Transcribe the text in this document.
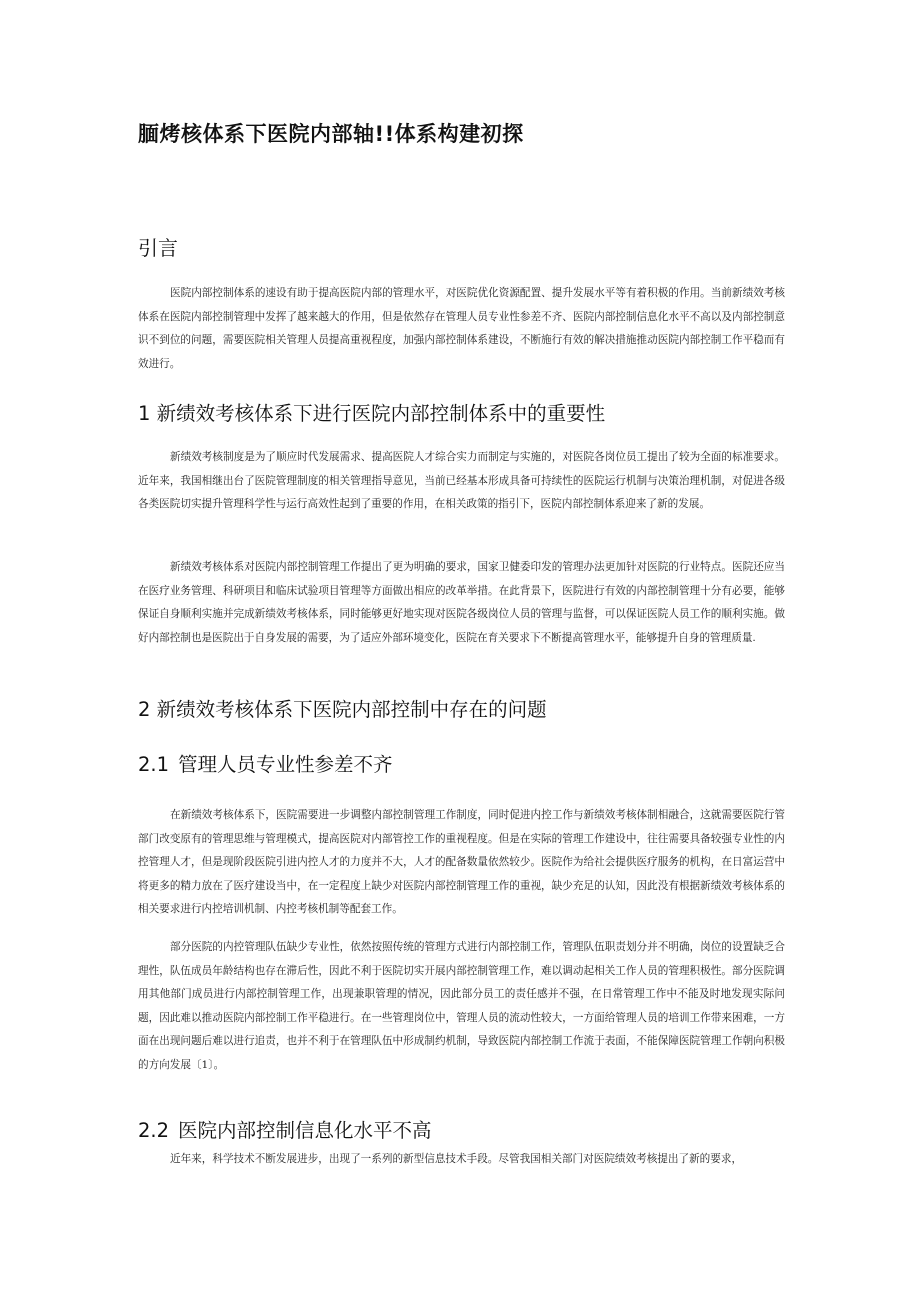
腼烤核体系下医院内部轴!!体系构建初探
引言

医院内部控制体系的速设有助于提高医院内部的管理水平，对医院优化资源配置、提升发展水平等有着积极的作用。当前新绩效考核体系在医院内部控制管理中发挥了越来越大的作用，但是依然存在管理人员专业性参差不齐、医院内部控制信息化水平不高以及内部控制意识不到位的问题，需要医院相关管理人员提高重视程度，加强内部控制体系建设，不断施行有效的解决措施推动医院内部控制工作平稳而有效进行。

1 新绩效考核体系下进行医院内部控制体系中的重要性

新绩效考核制度是为了顺应时代发展需求、提高医院人才综合实力而制定与实施的，对医院各岗位员工提出了较为全面的标准要求。近年来，我国相继出台了医院管理制度的相关管理指导意见，当前已经基本形成具备可持续性的医院运行机制与决策治理机制，对促进各级各类医院切实提升管理科学性与运行高效性起到了重要的作用，在相关政策的指引下，医院内部控制体系迎来了新的发展。

新绩效考核体系对医院内部控制管理工作提出了更为明确的要求，国家卫健委印发的管理办法更加针对医院的行业特点。医院还应当在医疗业务管理、科研项目和临床试验项目管理等方面做出相应的改革举措。在此背景下，医院进行有效的内部控制管理十分有必要，能够保证自身顺利实施并完成新绩效考核体系，同时能够更好地实现对医院各级岗位人员的管理与监督，可以保证医院人员工作的顺利实施。做好内部控制也是医院出于自身发展的需要，为了适应外部环境变化，医院在育关要求下不断提高管理水平，能够提升自身的管理质量.

2 新绩效考核体系下医院内部控制中存在的问题
2.1 管理人员专业性参差不齐

在新绩效考核体系下，医院需要进一步调整内部控制管理工作制度，同时促进内控工作与新绩效考核体制相融合，这就需要医院行管部门改变原有的管理思维与管理模式，提高医院对内部管控工作的重视程度。但是在实际的管理工作建设中，往往需要具备较强专业性的内控管理人才，但是现阶段医院引进内控人才的力度并不大，人才的配备数量依然较少。医院作为给社会提供医疗服务的机构，在日富运营中将更多的精力放在了医疗建设当中，在一定程度上缺少对医院内部控制管理工作的重视，缺少充足的认知，因此没有根据新绩效考核体系的相关要求进行内控培训机制、内控考核机制等配套工作。

部分医院的内控管理队伍缺少专业性，依然按照传统的管理方式进行内部控制工作，管理队伍职责划分并不明确，岗位的设置缺乏合理性，队伍成员年龄结构也存在滞后性，因此不利于医院切实开展内部控制管理工作，难以调动起相关工作人员的管理积极性。部分医院调用其他部门成员进行内部控制管理工作，出现兼职管理的情况，因此部分员工的责任感并不强，在日常管理工作中不能及时地发现实际问题，因此难以推动医院内部控制工作平稳进行。在一些管理岗位中，管理人员的流动性较大，一方面给管理人员的培训工作带来困难，一方面在出现问题后难以进行追责，也并不利于在管理队伍中形成制约机制，导致医院内部控制工作流于表面，不能保障医院管理工作朝向积极的方向发展〔1〕。

2.2 医院内部控制信息化水平不高

近年来，科学技术不断发展进步，出现了一系列的新型信息技术手段。尽管我国相关部门对医院绩效考核提出了新的要求，
